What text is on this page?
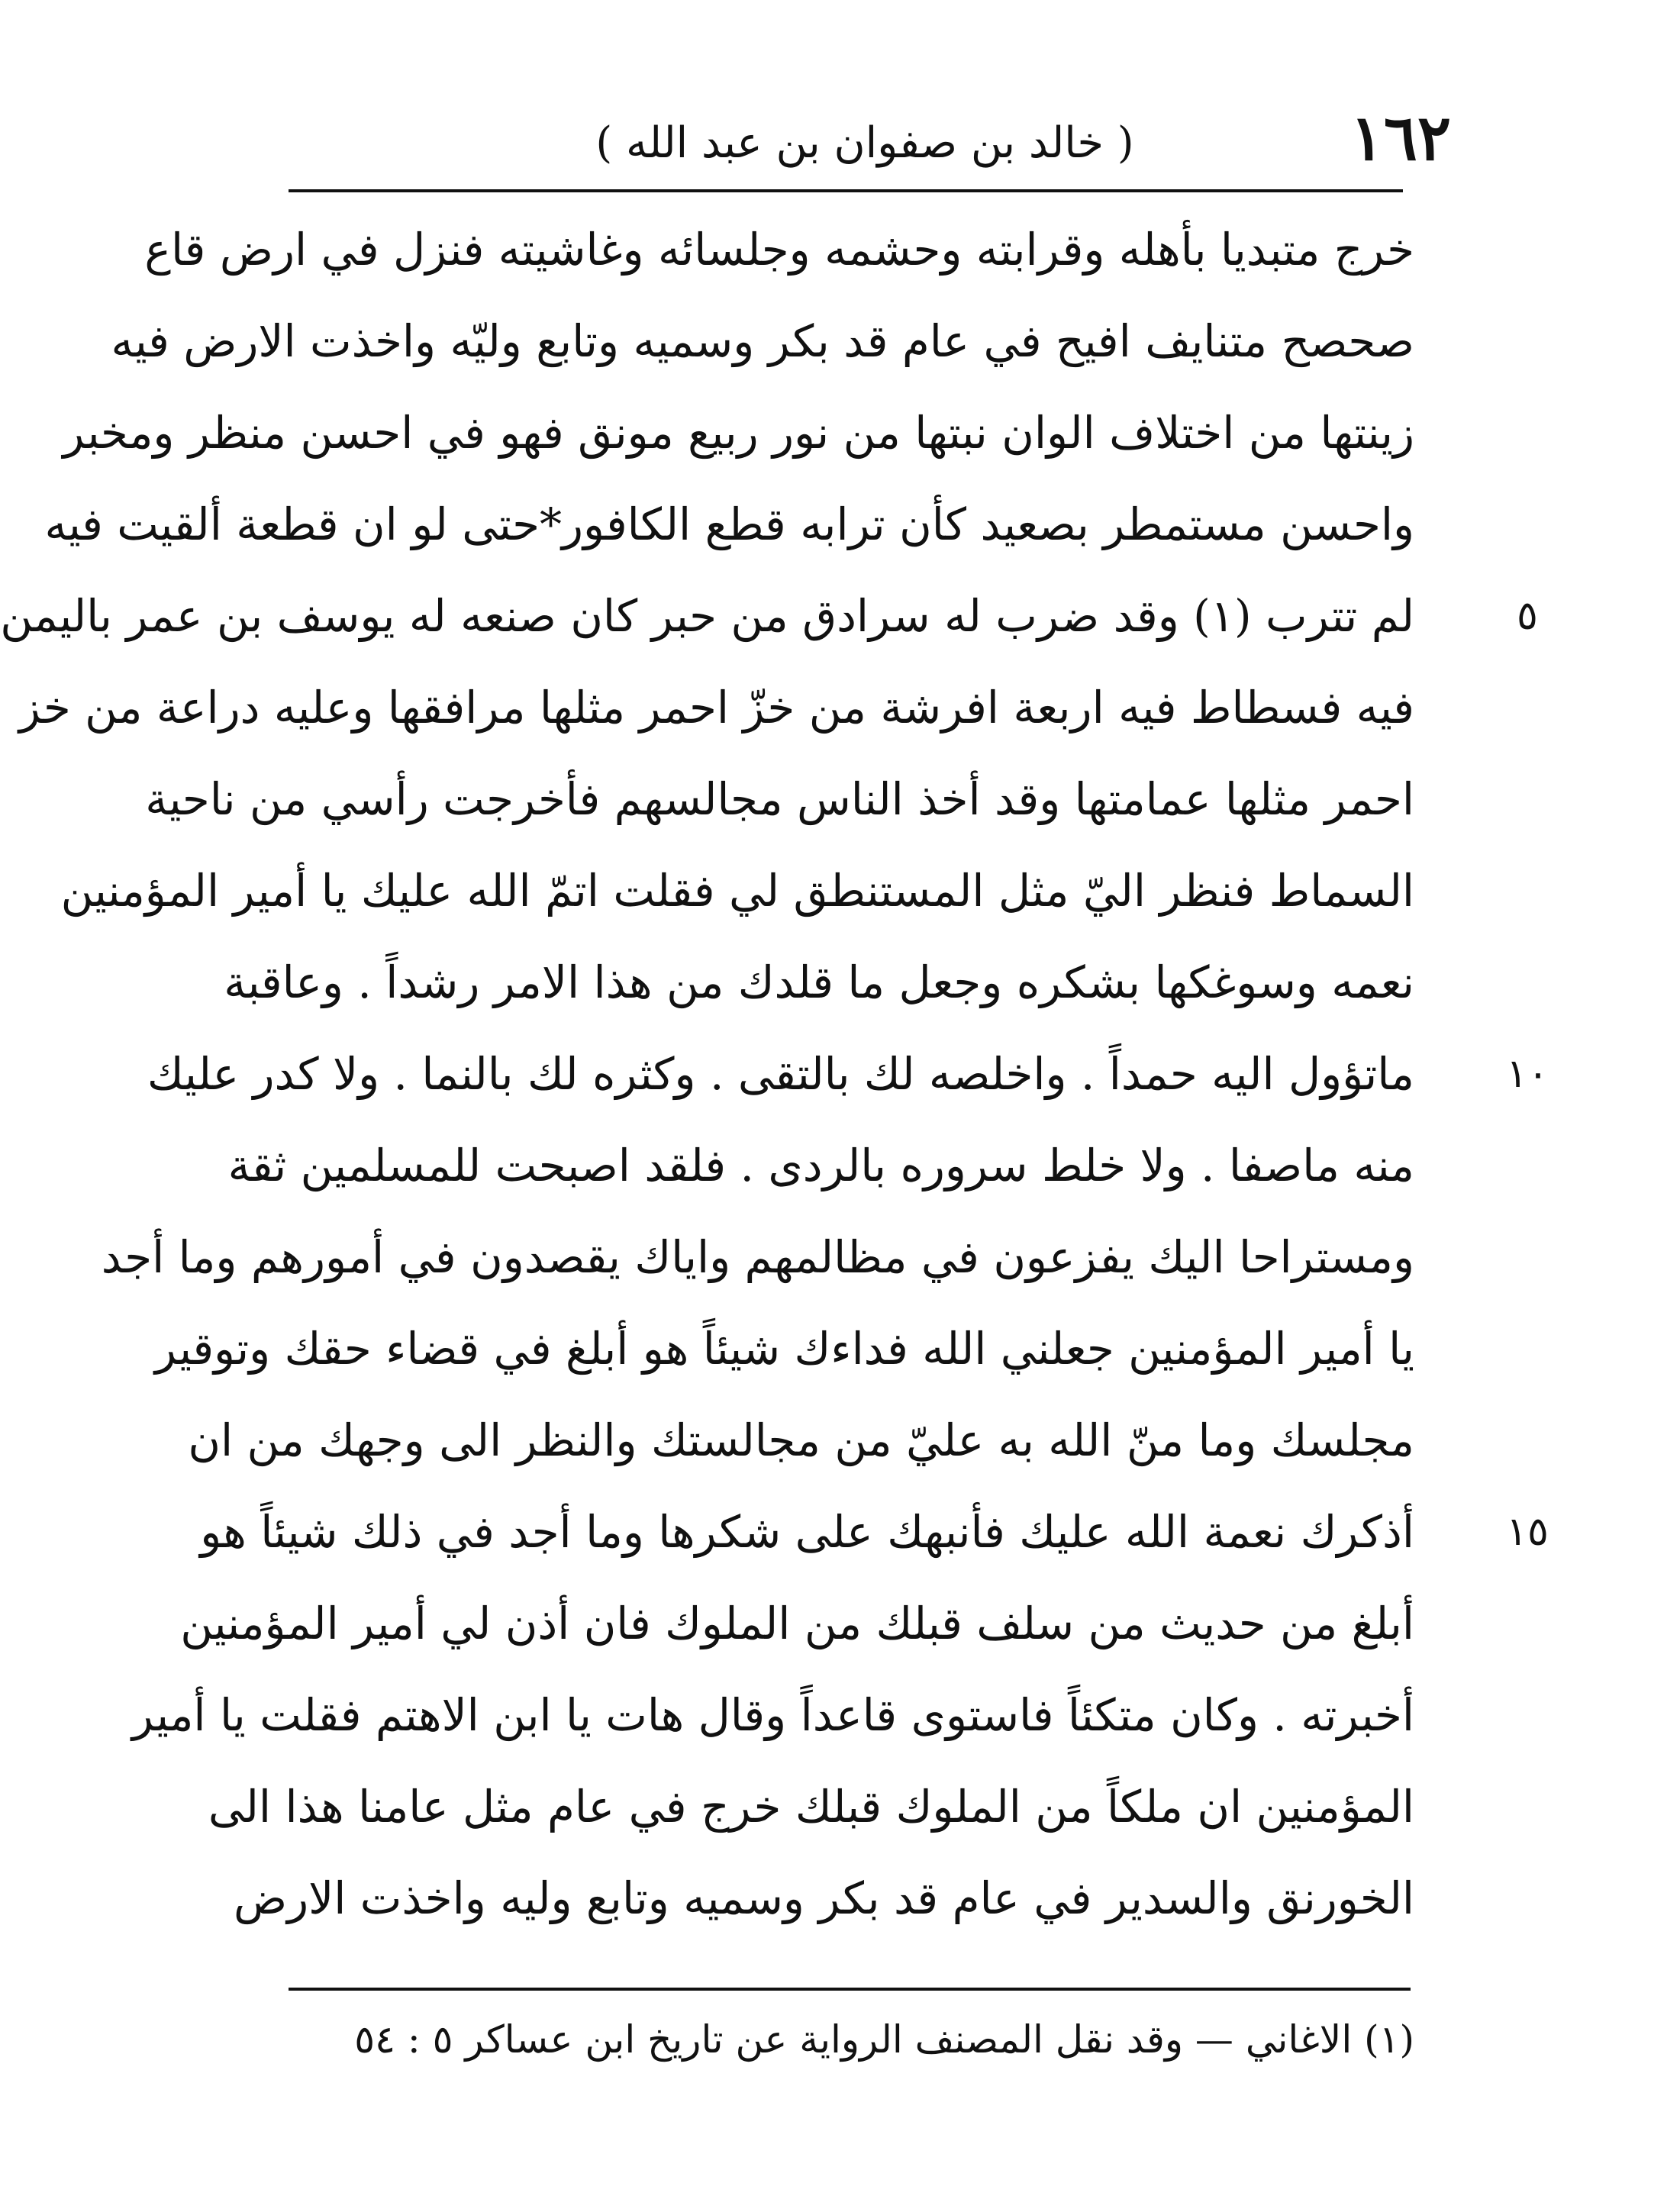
١٦٢
( خالد بن صفوان بن عبد الله )
خرج متبديا بأهله وقرابته وحشمه وجلسائه وغاشيته فنزل في ارض قاع
صحصح متنايف افيح في عام قد بكر وسميه وتابع وليّه واخذت الارض فيه
زينتها من اختلاف الوان نبتها من نور ربيع مونق فهو في احسن منظر ومخبر
واحسن مستمطر بصعيد كأن ترابه قطع الكافور*حتى لو ان قطعة ألقيت فيه
لم تترب (١) وقد ضرب له سرادق من حبر كان صنعه له يوسف بن عمر باليمن
فيه فسطاط فيه اربعة افرشة من خزّ احمر مثلها مرافقها وعليه دراعة من خز
احمر مثلها عمامتها وقد أخذ الناس مجالسهم فأخرجت رأسي من ناحية
السماط فنظر اليّ مثل المستنطق لي فقلت اتمّ الله عليك يا أمير المؤمنين
نعمه وسوغكها بشكره وجعل ما قلدك من هذا الامر رشداً . وعاقبة
ماتؤول اليه حمداً . واخلصه لك بالتقى . وكثره لك بالنما . ولا كدر عليك
منه ماصفا . ولا خلط سروره بالردى . فلقد اصبحت للمسلمين ثقة
ومستراحا اليك يفزعون في مظالمهم واياك يقصدون في أمورهم وما أجد
يا أمير المؤمنين جعلني الله فداءك شيئاً هو أبلغ في قضاء حقك وتوقير
مجلسك وما منّ الله به عليّ من مجالستك والنظر الى وجهك من ان
أذكرك نعمة الله عليك فأنبهك على شكرها وما أجد في ذلك شيئاً هو
أبلغ من حديث من سلف قبلك من الملوك فان أذن لي أمير المؤمنين
أخبرته . وكان متكئاً فاستوى قاعداً وقال هات يا ابن الاهتم فقلت يا أمير
المؤمنين ان ملكاً من الملوك قبلك خرج في عام مثل عامنا هذا الى
الخورنق والسدير في عام قد بكر وسميه وتابع وليه واخذت الارض
٥
١٠
١٥
(١) الاغاني — وقد نقل المصنف الرواية عن تاريخ ابن عساكر ٥ : ٥٤
